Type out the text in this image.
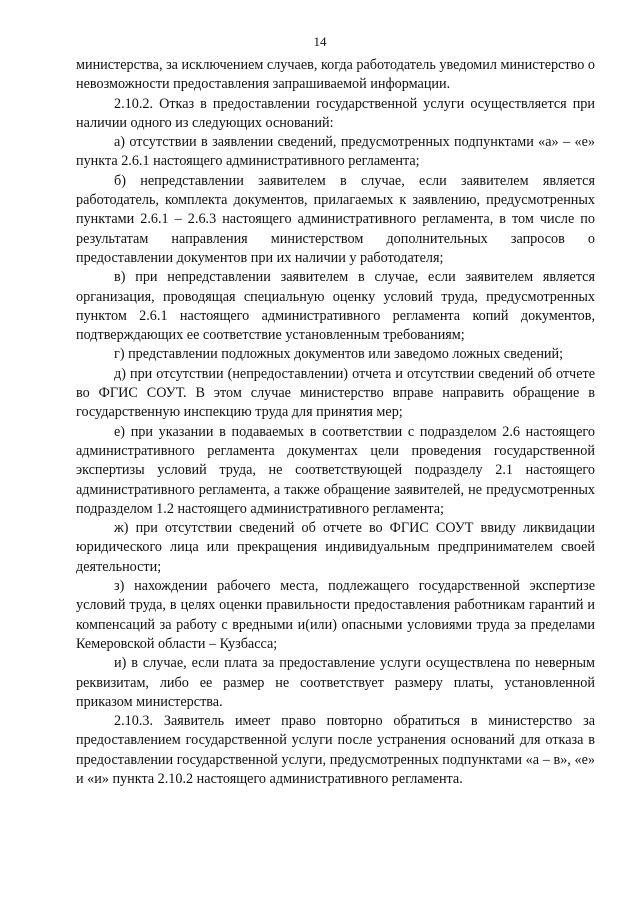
14

министерства, за исключением случаев, когда работодатель уведомил министерство о невозможности предоставления запрашиваемой информации.

2.10.2. Отказ в предоставлении государственной услуги осуществляется при наличии одного из следующих оснований:

а) отсутствии в заявлении сведений, предусмотренных подпунктами «а» – «е» пункта 2.6.1 настоящего административного регламента;

б) непредставлении заявителем в случае, если заявителем является работодатель, комплекта документов, прилагаемых к заявлению, предусмотренных пунктами 2.6.1 – 2.6.3 настоящего административного регламента, в том числе по результатам направления министерством дополнительных запросов о предоставлении документов при их наличии у работодателя;

в) при непредставлении заявителем в случае, если заявителем является организация, проводящая специальную оценку условий труда, предусмотренных пунктом 2.6.1 настоящего административного регламента копий документов, подтверждающих ее соответствие установленным требованиям;

г) представлении подложных документов или заведомо ложных сведений;

д) при отсутствии (непредоставлении) отчета и отсутствии сведений об отчете во ФГИС СОУТ. В этом случае министерство вправе направить обращение в государственную инспекцию труда для принятия мер;

е) при указании в подаваемых в соответствии с подразделом 2.6 настоящего административного регламента документах цели проведения государственной экспертизы условий труда, не соответствующей подразделу 2.1 настоящего административного регламента, а также обращение заявителей, не предусмотренных подразделом 1.2 настоящего административного регламента;

ж) при отсутствии сведений об отчете во ФГИС СОУТ ввиду ликвидации юридического лица или прекращения индивидуальным предпринимателем своей деятельности;

з) нахождении рабочего места, подлежащего государственной экспертизе условий труда, в целях оценки правильности предоставления работникам гарантий и компенсаций за работу с вредными и(или) опасными условиями труда за пределами Кемеровской области – Кузбасса;

и) в случае, если плата за предоставление услуги осуществлена по неверным реквизитам, либо ее размер не соответствует размеру платы, установленной приказом министерства.

2.10.3. Заявитель имеет право повторно обратиться в министерство за предоставлением государственной услуги после устранения оснований для отказа в предоставлении государственной услуги, предусмотренных подпунктами «а – в», «е» и «и» пункта 2.10.2 настоящего административного регламента.
